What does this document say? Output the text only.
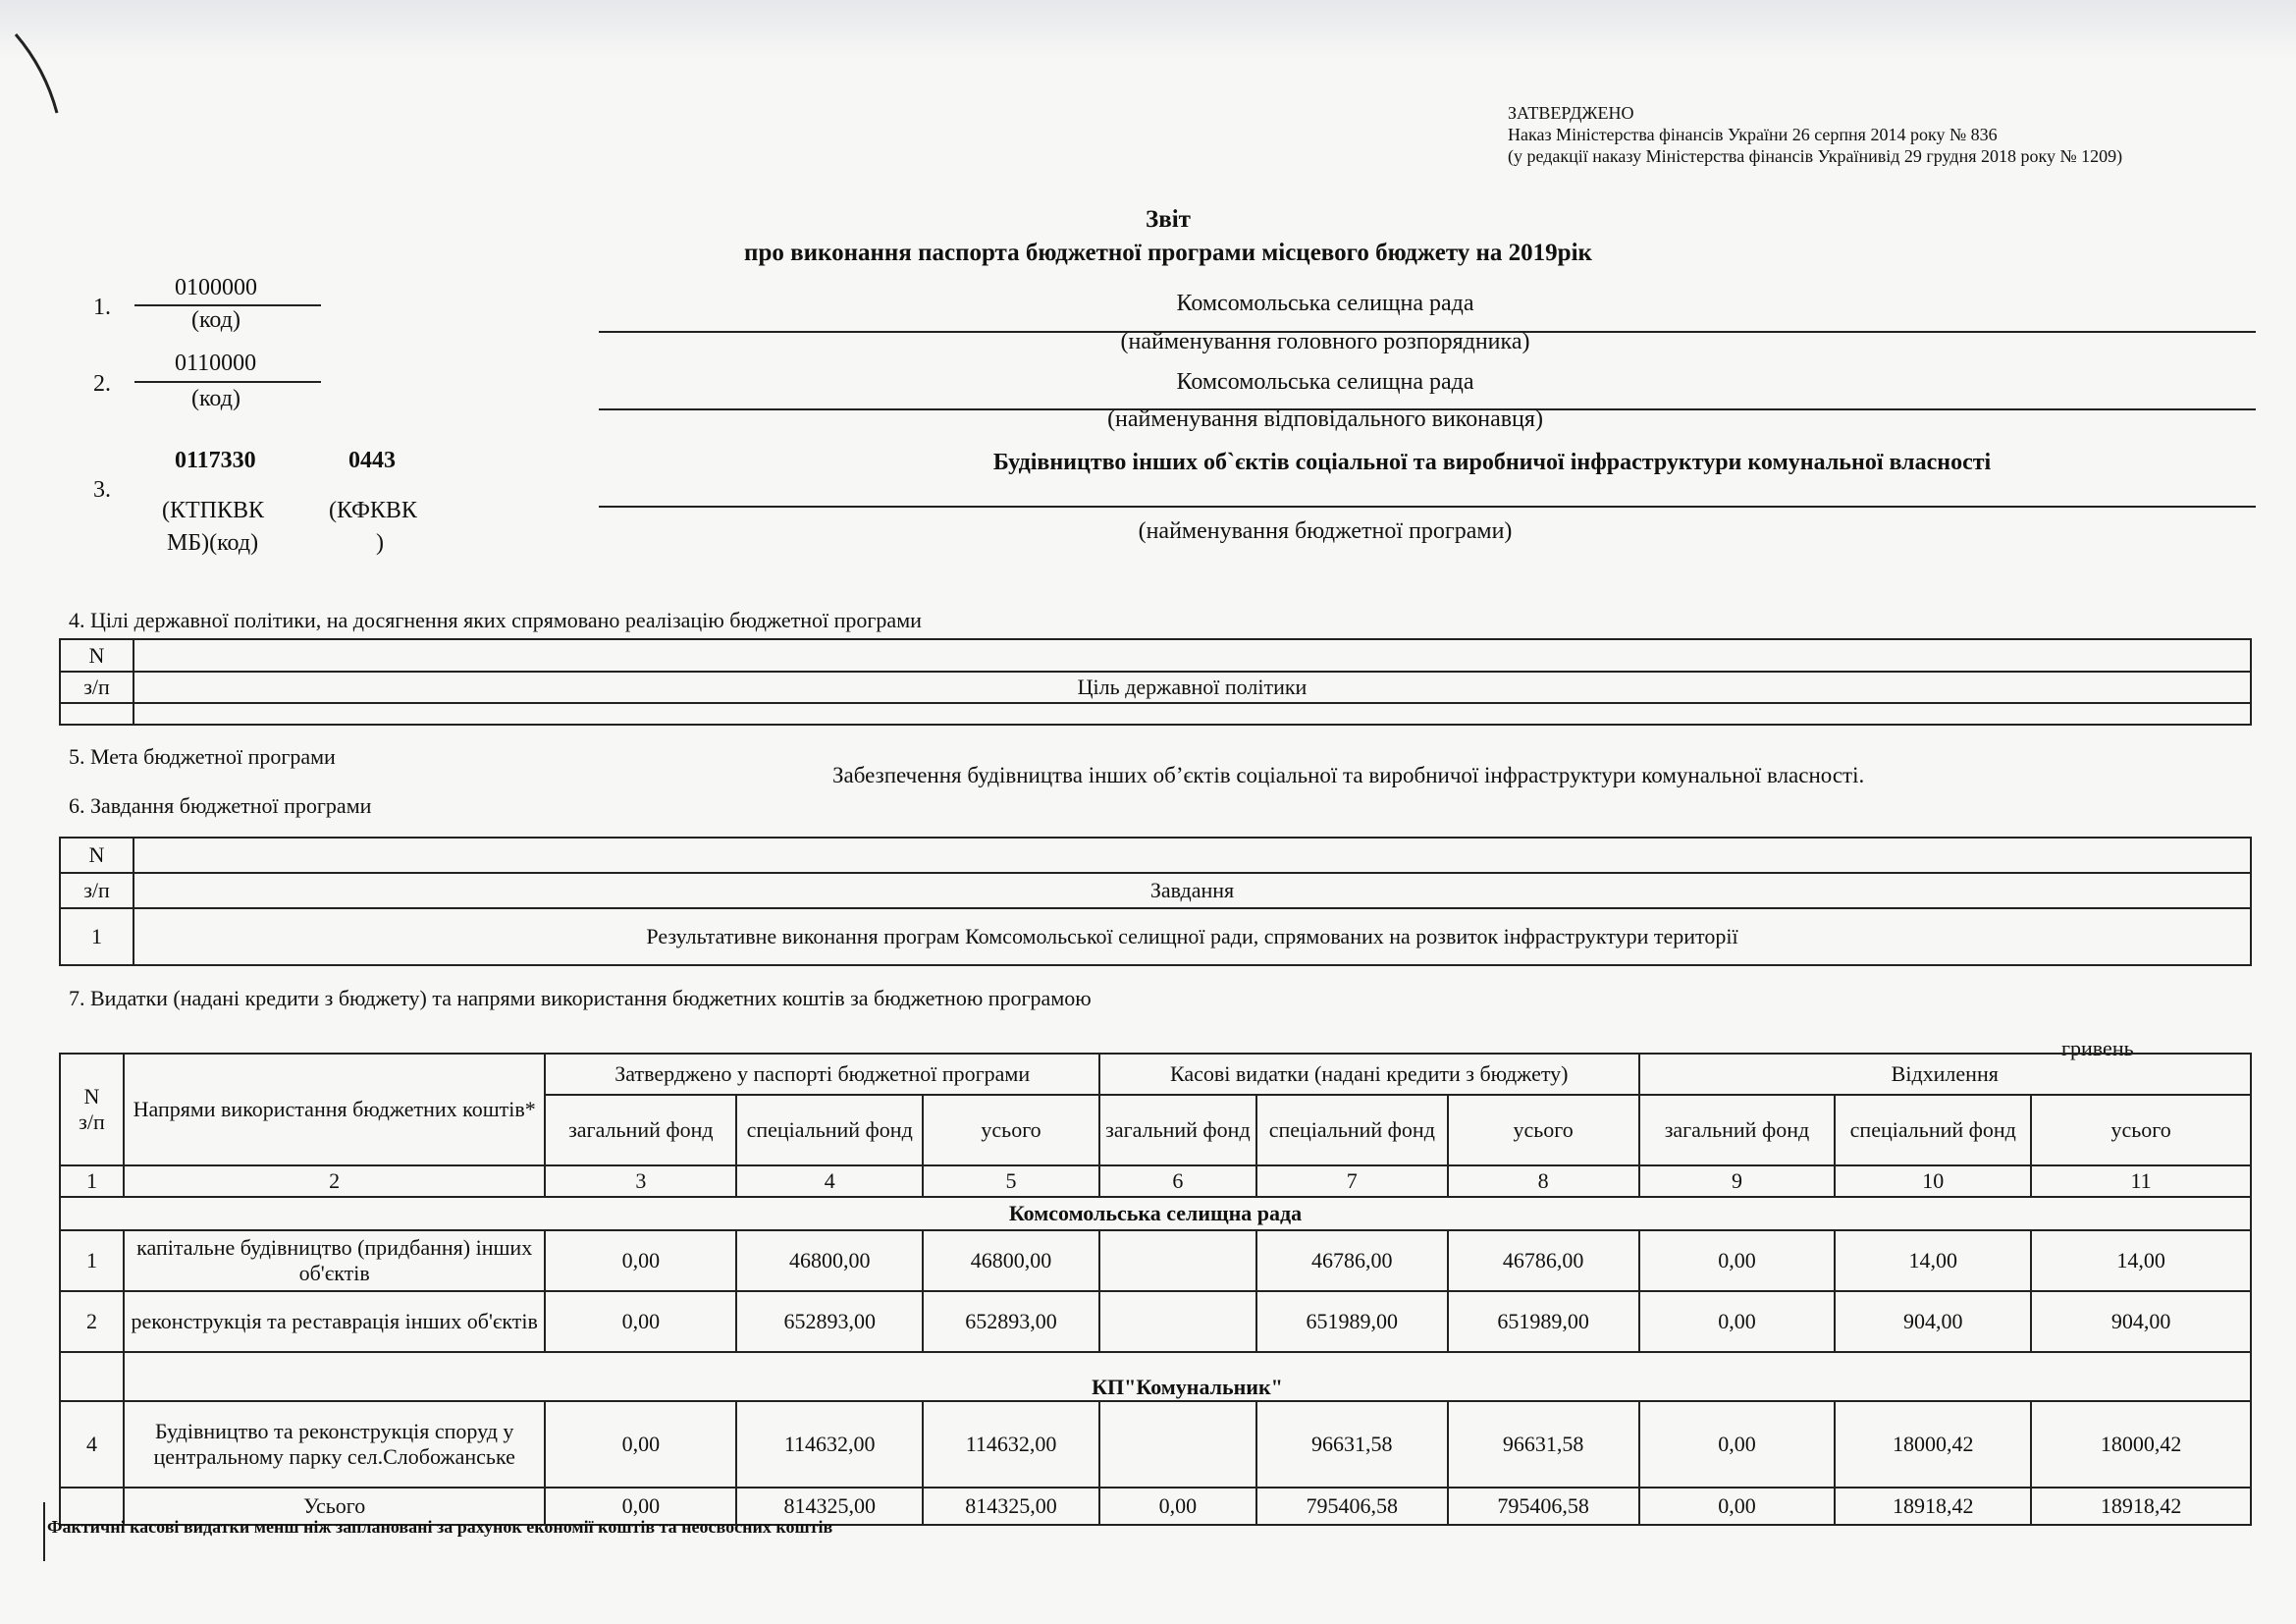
ЗАТВЕРДЖЕНО
Наказ Міністерства фінансів України 26 серпня 2014 року № 836
(у редакції наказу Міністерства фінансів Українивід 29 грудня 2018 року № 1209)
Звіт
про виконання паспорта бюджетної програми місцевого бюджету на 2019рік
1.
0100000
(код)
Комсомольська селищна рада
(найменування головного розпорядника)
2.
0110000
(код)
Комсомольська селищна рада
(найменування відповідального виконавця)
3.
0117330	0443
(КТПКВК
МБ)(код)
(КФКВК
)
Будівництво інших об`єктів соціальної та виробничої інфраструктури комунальної власності
(найменування бюджетної програми)
4. Цілі державної політики, на досягнення яких спрямовано реалізацію бюджетної програми
N	

з/п	Ціль державної політики

5. Мета бюджетної програми
Забезпечення будівництва інших об’єктів соціальної та виробничої інфраструктури комунальної власності.
6. Завдання бюджетної програми
N	
з/п	Завдання
1	Результативне виконання програм Комсомольської селищної ради, спрямованих на розвиток інфраструктури території
7. Видатки (надані кредити з бюджету) та напрями використання бюджетних коштів за бюджетною програмою
гривень
N
з/п	Напрями використання бюджетних коштів*	Затверджено у паспорті бюджетної програми			Касові видатки (надані кредити з бюджету)			Відхилення		
		загальний фонд	спеціальний фонд	усього	загальний фонд	спеціальний фонд	усього	загальний фонд	спеціальний фонд	усього
1	2	3	4	5	6	7	8	9	10	11
Комсомольська селищна рада										
1	капітальне будівництво (придбання) інших об'єктів	0,00	46800,00	46800,00		46786,00	46786,00	0,00	14,00	14,00
2	реконструкція та реставрація інших об'єктів	0,00	652893,00	652893,00		651989,00	651989,00	0,00	904,00	904,00
	КП"Комунальник"									
4	Будівництво та реконструкція споруд у центральному парку сел.Слобожанське	0,00	114632,00	114632,00		96631,58	96631,58	0,00	18000,42	18000,42
	Усього	0,00	814325,00	814325,00	0,00	795406,58	795406,58	0,00	18918,42	18918,42
Фактичні касові видатки менш ніж заплановані за рахунок економії коштів та неосвосних коштів
